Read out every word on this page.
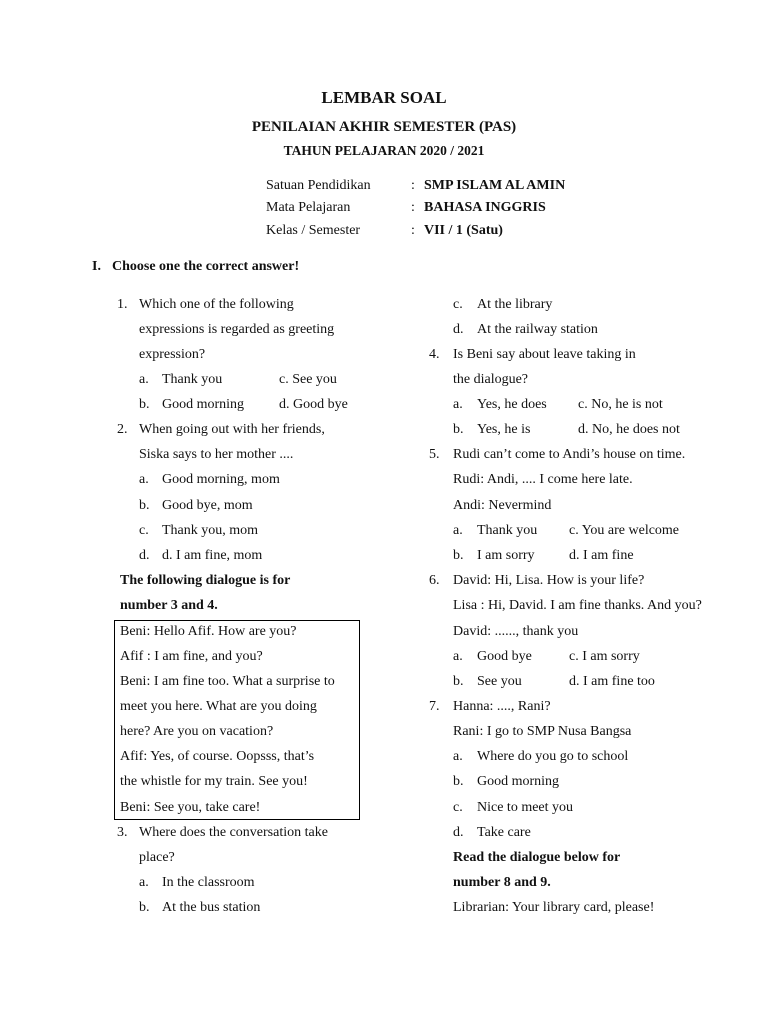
LEMBAR SOAL
PENILAIAN AKHIR SEMESTER (PAS)
TAHUN PELAJARAN 2020 / 2021
Satuan Pendidikan	: SMP ISLAM AL AMIN
Mata Pelajaran	: BAHASA INGGRIS
Kelas / Semester	: VII / 1 (Satu)
I. Choose one the correct answer!
1. Which one of the following
expressions is regarded as greeting
expression?
a. Thank you	c. See you
b. Good morning d. Good bye
2. When going out with her friends,
Siska says to her mother ....
a. Good morning, mom
b. Good bye, mom
c. Thank you, mom
d. d. I am fine, mom
The following dialogue is for
number 3 and 4.
Beni: Hello Afif. How are you?
Afif : I am fine, and you?
Beni: I am fine too. What a surprise to
meet you here. What are you doing
here? Are you on vacation?
Afif: Yes, of course. Oopsss, that’s
the whistle for my train. See you!
Beni: See you, take care!
3. Where does the conversation take
place?
a. In the classroom
b. At the bus station
c. At the library
d. At the railway station
4. Is Beni say about leave taking in
the dialogue?
a. Yes, he does c. No, he is not
b. Yes, he is	d. No, he does not
5. Rudi can’t come to Andi’s house on time.
Rudi: Andi, .... I come here late.
Andi: Nevermind
a. Thank you c. You are welcome
b. I am sorry d. I am fine
6. David: Hi, Lisa. How is your life?
Lisa : Hi, David. I am fine thanks. And you?
David: ......, thank you
a. Good bye	c. I am sorry
b. See you	d. I am fine too
7. Hanna: ...., Rani?
Rani: I go to SMP Nusa Bangsa
a. Where do you go to school
b. Good morning
c. Nice to meet you
d. Take care
Read the dialogue below for
number 8 and 9.
Librarian: Your library card, please!
